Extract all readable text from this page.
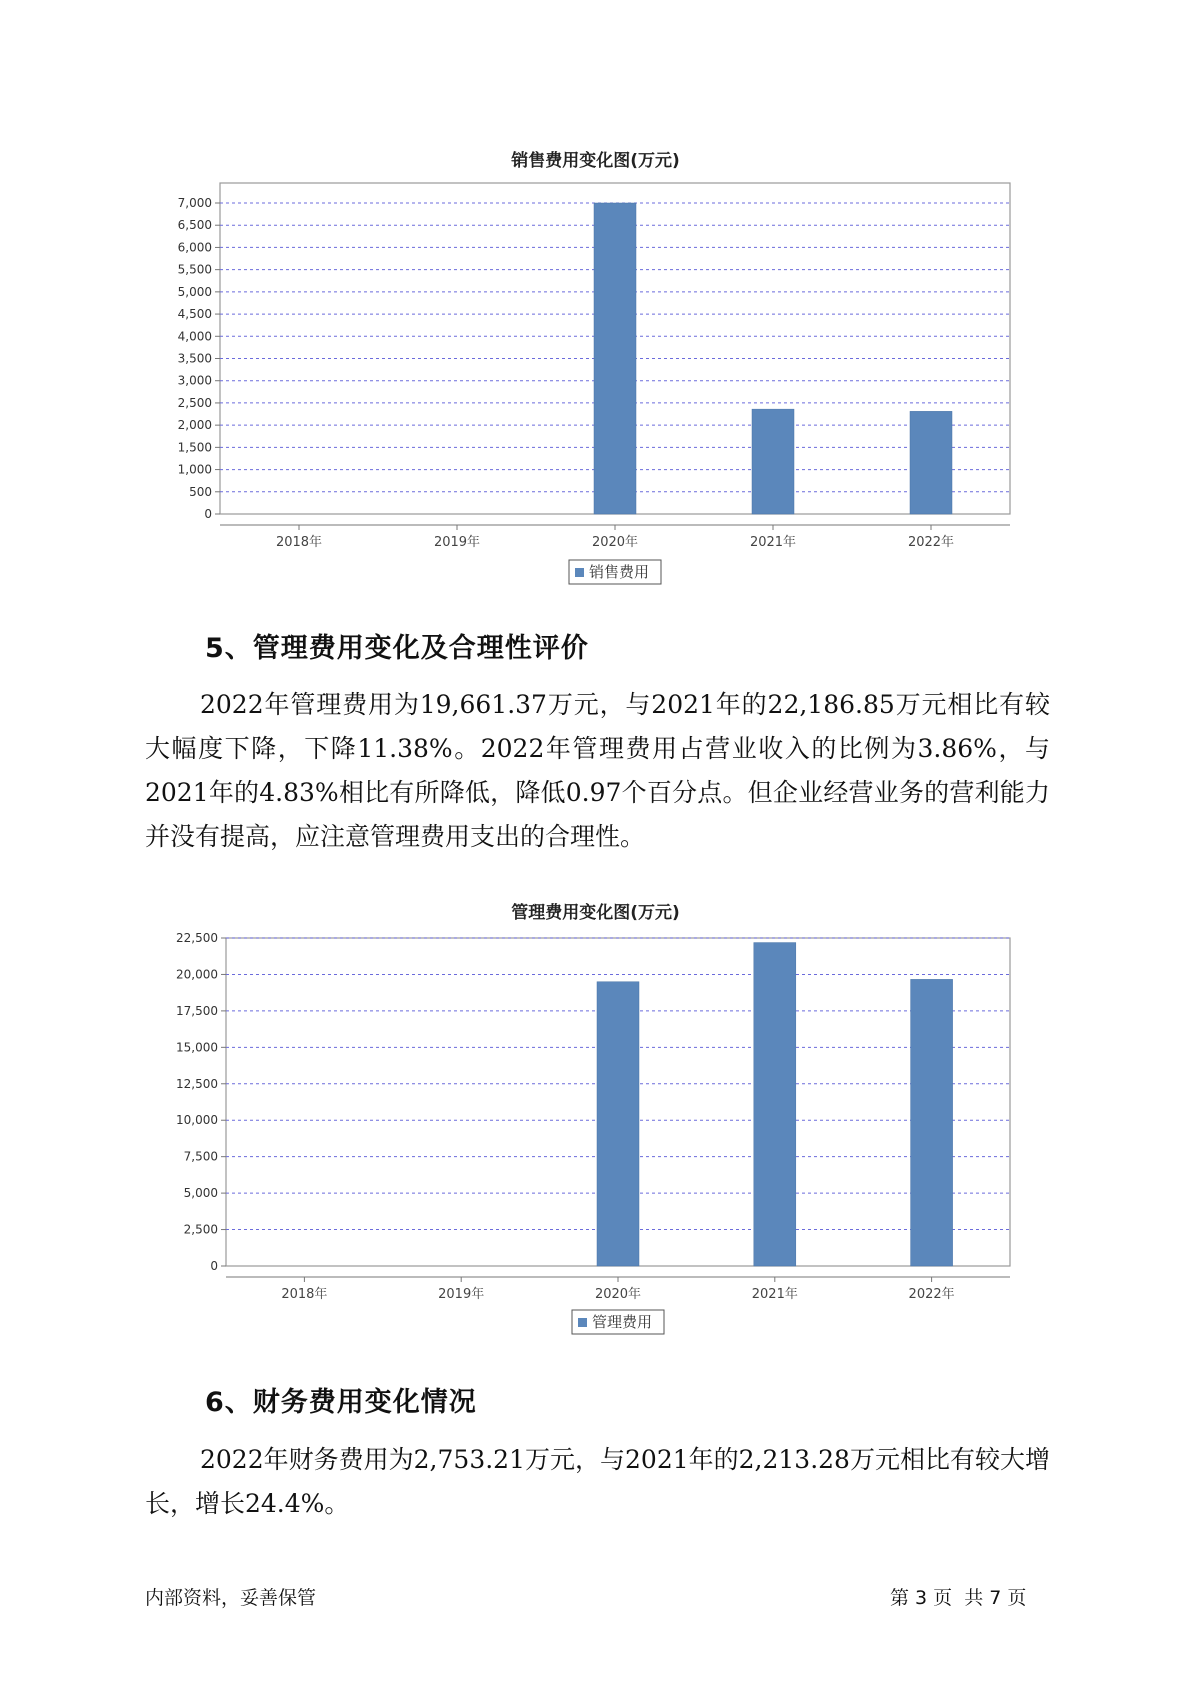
销售费用变化图(万元)
0
500
1,000
1,500
2,000
2,500
3,000
3,500
4,000
4,500
5,000
5,500
6,000
6,500
7,000
2018年	2019年	2020年	2021年	2022年
销售费用
5、管理费用变化及合理性评价

2022年管理费用为19,661.37万元，与2021年的22,186.85万元相比有较大幅度下降，下降11.38%。2022年管理费用占营业收入的比例为3.86%，与2021年的4.83%相比有所降低，降低0.97个百分点。但企业经营业务的营利能力并没有提高，应注意管理费用支出的合理性。

管理费用变化图(万元)
0
2,500
5,000
7,500
10,000
12,500
15,000
17,500
20,000
22,500
2018年	2019年	2020年	2021年	2022年
管理费用
6、财务费用变化情况

2022年财务费用为2,753.21万元，与2021年的2,213.28万元相比有较大增长，增长24.4%。

内部资料，妥善保管	第 3 页  共 7 页
